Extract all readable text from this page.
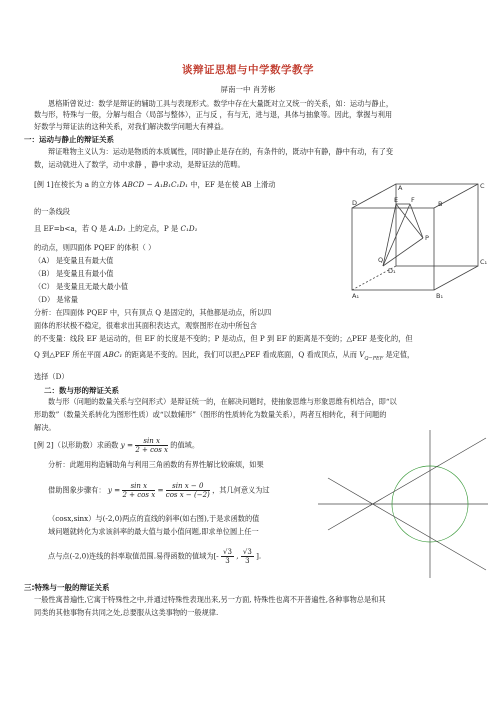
谈辩证思想与中学数学教学
屏南一中 肖芳彬
恩格斯曾说过：数学是辩证的辅助工具与表现形式。数学中存在大量既对立又统一的关系，如：运动与静止，
数与形，特殊与一般，分解与组合（局部与整体），正与反 ，有与无，进与退，具体与抽象等。因此，掌握与利用
好数学与辩证法的这种关系，对我们解决数学问题大有裨益。
一：运动与静止的辩证关系
辩证唯物主义认为：运动是物质的本质属性，同时静止是存在的，有条件的，既动中有静，静中有动，有了变
数，运动就进入了数学，动中求静 ，静中求动，是辩证法的范畴。
[例 1]在棱长为 a 的立方体 ABCD − A₁B₁C₁D₁ 中，EF 是在棱 AB 上滑动
的一条线段
且 EF=b<a，若 Q 是 A₁D₁ 上的定点，P 是 C₁D₁
的动点，则四面体 PQEF 的体积（ ）
（A） 是变量且有最大值
（B） 是变量且有最小值
（C） 是变量且无最大最小值
（D） 是常量
分析：在四面体 PQEF 中，只有顶点 Q 是固定的，其他都是动点，所以四
面体的形状极不稳定，很难求出其面积表达式，观察图形在动中所包含
的不变量：线段 EF 是运动的，但 EF 的长度是不变的；P 是动点，但 P 到 EF 的距离是不变的；△PEF 是变化的，但
Q 到△PEF 所在平面 ABC₁ 的距离是不变的。因此，我们可以把△PEF 看成底面，Q 看成顶点，从而 $V_{Q-PEF}$ 是定值，
选择（D）
D
C
D₁
C₁
A
B
A₁	B₁
E F
P
Q
二：数与形的辩证关系
数与形（问题的数量关系与空间形式）是辩证统一的，在解决问题时，使抽象思维与形象思维有机结合，即“以
形助数”（数量关系转化为图形性质）或“以数辅形”（图形的性质转化为数量关系），两者互相转化，利于问题的
解决。
[例 2]（以形助数）求函数 $y = \frac{\text{sin x}}{\text{2 + cos x}}$ 的值域。
分析：此题用构造辅助角与利用三角函数的有界性解比较麻烦，如果
借助图象步骤有： $y = \frac{\text{sin x}}{\text{2 + cos x}} = \frac{\text{sin x − 0}}{\text{cos x − (−2)}}$ ，其几何意义为过
（cosx,sinx）与(-2,0)两点的直线的斜率(如右图),于是求函数的值
域问题就转化为求该斜率的最大值与最小值问题,即求单位圆上任一
点与点(-2,0)连线的斜率取值范围.易得函数的值域为[- $\frac{√3}{3}$ , $\frac{√3}{3}$ ].
三:特殊与一般的辩证关系
一般性寓普遍性,它寓于特殊性之中,并通过特殊性表现出来,另一方面, 特殊性也离不开普遍性,各种事物总是和其
同类的其他事物有共同之处,总要服从这类事物的一般规律.
